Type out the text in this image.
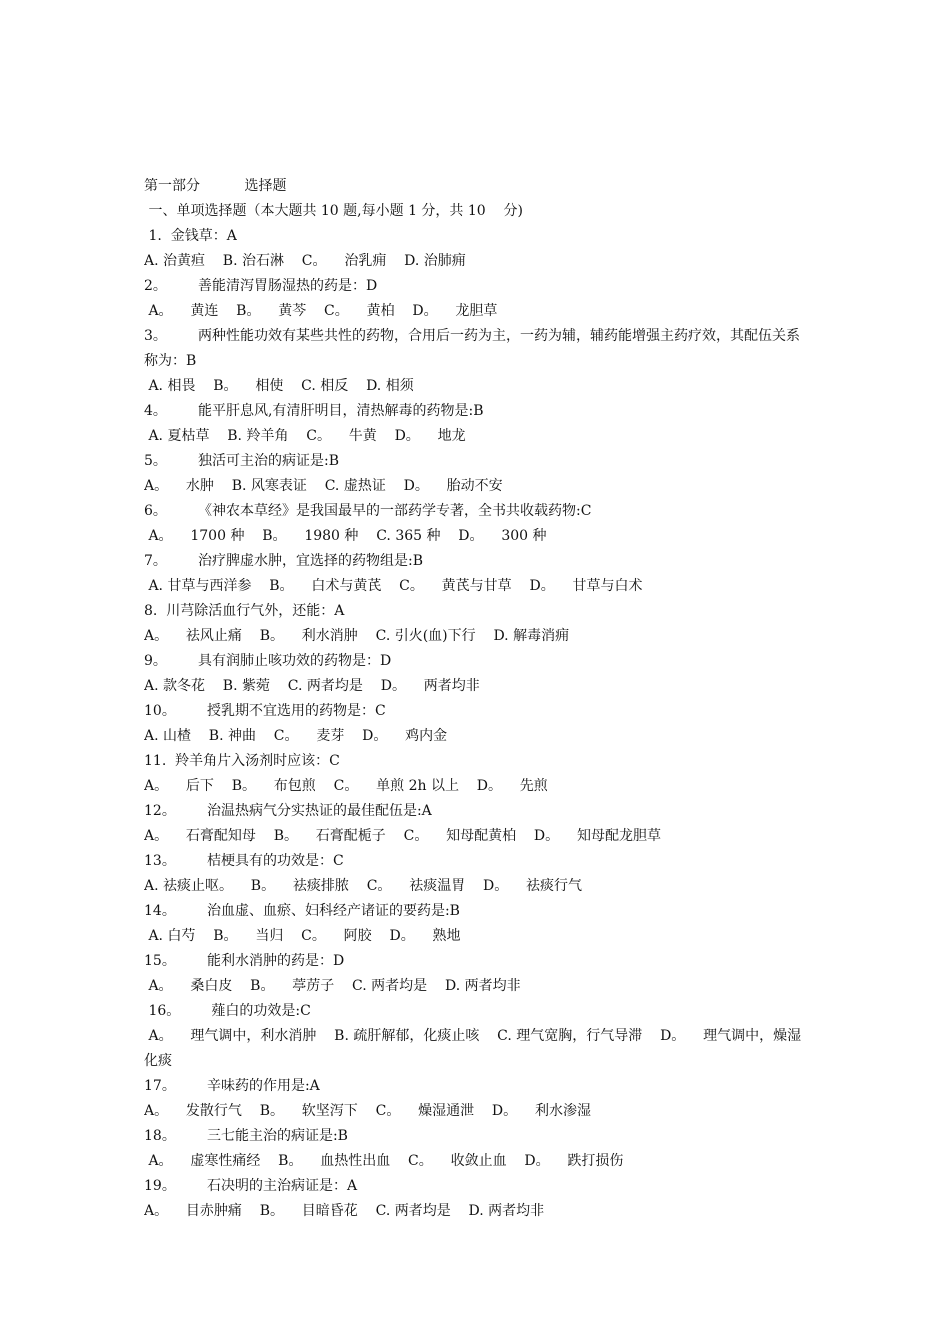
第一部分          选择题
一、单项选择题（本大题共 10 题,每小题 1 分，共 10    分)
1.  金钱草：A
A. 治黄疸    B. 治石淋    C。    治乳痈    D. 治肺痈
2。       善能清泻胃肠湿热的药是：D
A。    黄连    B。    黄芩    C。    黄柏    D。    龙胆草
3。       两种性能功效有某些共性的药物，合用后一药为主，一药为辅，辅药能增强主药疗效，其配伍关系称为：B
A. 相畏    B。    相使    C. 相反    D. 相须
4。       能平肝息风,有清肝明目，清热解毒的药物是:B
A. 夏枯草    B. 羚羊角    C。    牛黄    D。    地龙
5。       独活可主治的病证是:B
A。    水肿    B. 风寒表证    C. 虚热证    D。    胎动不安
6。       《神农本草经》是我国最早的一部药学专著，全书共收载药物:C
A。    1700 种    B。    1980 种    C. 365 种    D。    300 种
7。       治疗脾虚水肿，宜选择的药物组是:B
A. 甘草与西洋参    B。    白术与黄芪    C。    黄芪与甘草    D。    甘草与白术
8.  川芎除活血行气外，还能：A
A。    祛风止痛    B。    利水消肿    C. 引火(血)下行    D. 解毒消痈
9。       具有润肺止咳功效的药物是：D
A. 款冬花    B. 紫菀    C. 两者均是    D。    两者均非
10。       授乳期不宜选用的药物是：C
A. 山楂    B. 神曲    C。    麦芽    D。    鸡内金
11.  羚羊角片入汤剂时应该：C
A。    后下    B。    布包煎    C。    单煎 2h 以上    D。    先煎
12。       治温热病气分实热证的最佳配伍是:A
A。    石膏配知母    B。    石膏配栀子    C。    知母配黄柏    D。    知母配龙胆草
13。       桔梗具有的功效是：C
A. 祛痰止呕。    B。    祛痰排脓    C。    祛痰温胃    D。    祛痰行气
14。       治血虚、血瘀、妇科经产诸证的要药是:B
A. 白芍    B。    当归    C。    阿胶    D。    熟地
15。       能利水消肿的药是：D
A。    桑白皮    B。    葶苈子    C. 两者均是    D. 两者均非
16。       薤白的功效是:C
A。    理气调中，利水消肿    B. 疏肝解郁，化痰止咳    C. 理气宽胸，行气导滞    D。    理气调中，燥湿化痰
17。       辛味药的作用是:A
A。    发散行气    B。    软坚泻下    C。    燥湿通泄    D。    利水渗湿
18。       三七能主治的病证是:B
A。    虚寒性痛经    B。    血热性出血    C。    收敛止血    D。    跌打损伤
19。       石决明的主治病证是：A
A。    目赤肿痛    B。    目暗昏花    C. 两者均是    D. 两者均非
